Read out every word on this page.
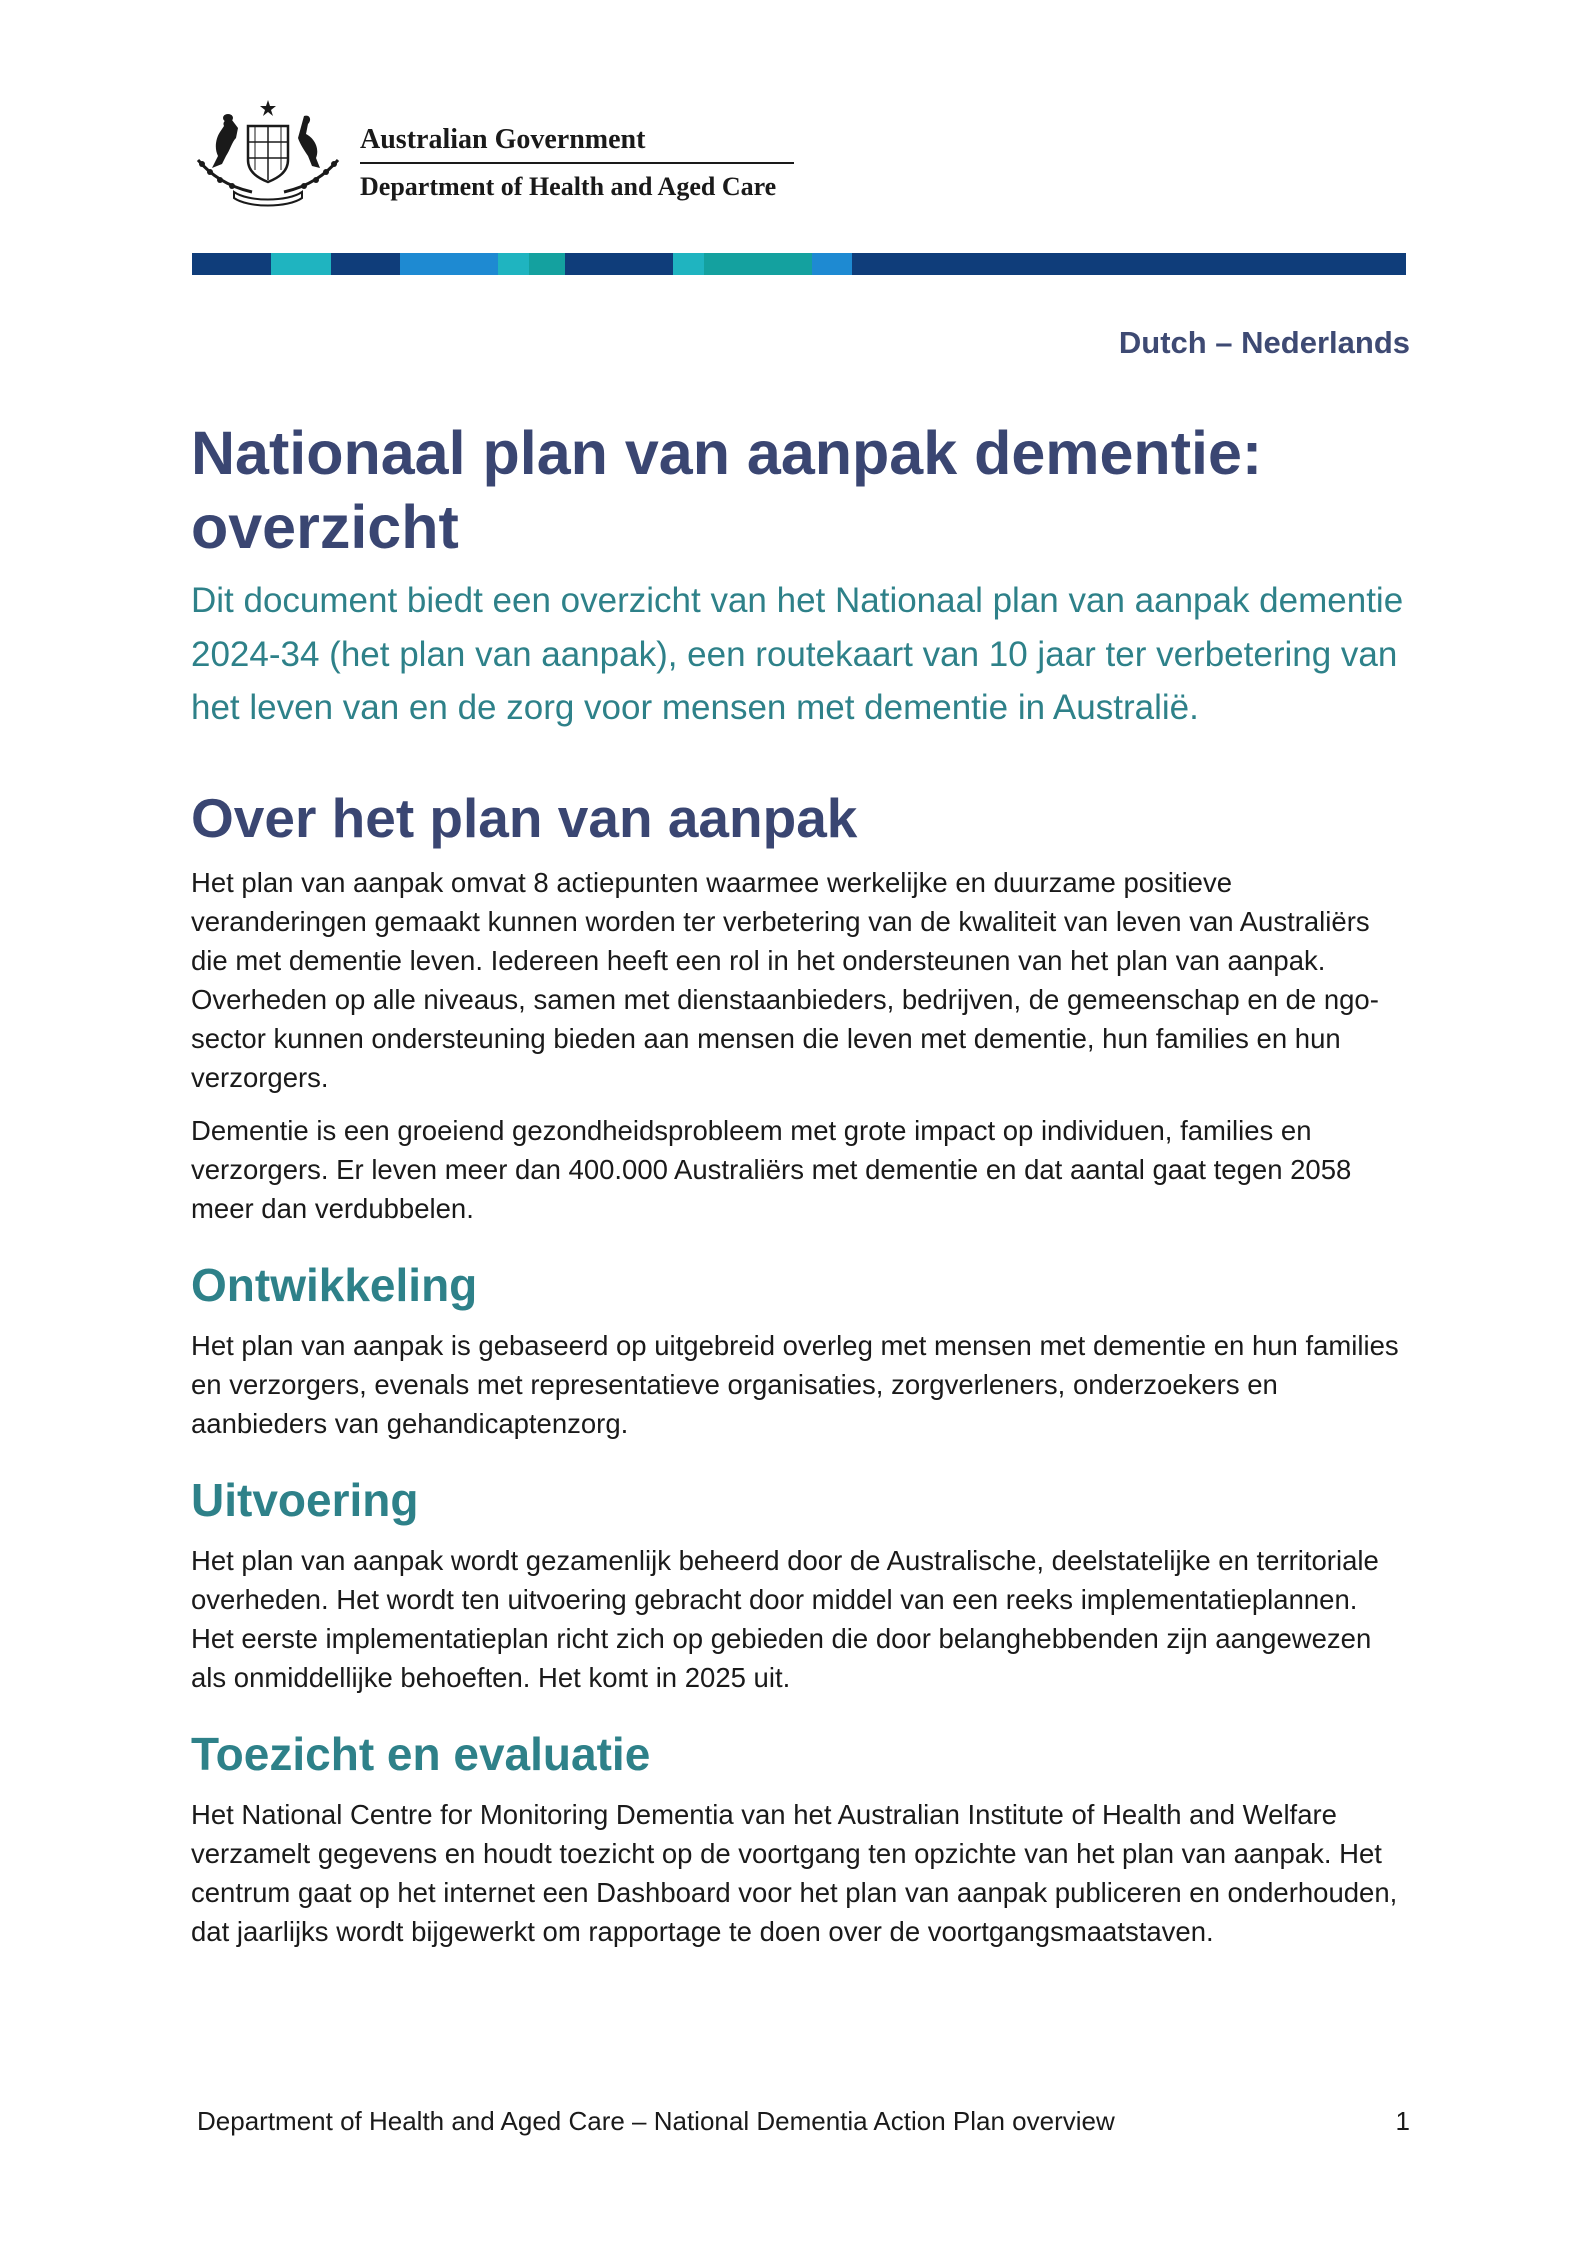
Australian Government
Department of Health and Aged Care
Dutch – Nederlands
Nationaal plan van aanpak dementie: overzicht

Dit document biedt een overzicht van het Nationaal plan van aanpak dementie 2024-34 (het plan van aanpak), een routekaart van 10 jaar ter verbetering van het leven van en de zorg voor mensen met dementie in Australië.

Over het plan van aanpak

Het plan van aanpak omvat 8 actiepunten waarmee werkelijke en duurzame positieve veranderingen gemaakt kunnen worden ter verbetering van de kwaliteit van leven van Australiërs die met dementie leven. Iedereen heeft een rol in het ondersteunen van het plan van aanpak. Overheden op alle niveaus, samen met dienstaanbieders, bedrijven, de gemeenschap en de ngo-sector kunnen ondersteuning bieden aan mensen die leven met dementie, hun families en hun verzorgers.

Dementie is een groeiend gezondheidsprobleem met grote impact op individuen, families en verzorgers. Er leven meer dan 400.000 Australiërs met dementie en dat aantal gaat tegen 2058 meer dan verdubbelen.

Ontwikkeling

Het plan van aanpak is gebaseerd op uitgebreid overleg met mensen met dementie en hun families en verzorgers, evenals met representatieve organisaties, zorgverleners, onderzoekers en aanbieders van gehandicaptenzorg.

Uitvoering

Het plan van aanpak wordt gezamenlijk beheerd door de Australische, deelstatelijke en territoriale overheden. Het wordt ten uitvoering gebracht door middel van een reeks implementatieplannen. Het eerste implementatieplan richt zich op gebieden die door belanghebbenden zijn aangewezen als onmiddellijke behoeften. Het komt in 2025 uit.

Toezicht en evaluatie

Het National Centre for Monitoring Dementia van het Australian Institute of Health and Welfare verzamelt gegevens en houdt toezicht op de voortgang ten opzichte van het plan van aanpak. Het centrum gaat op het internet een Dashboard voor het plan van aanpak publiceren en onderhouden, dat jaarlijks wordt bijgewerkt om rapportage te doen over de voortgangsmaatstaven.

Department of Health and Aged Care – National Dementia Action Plan overview	1
